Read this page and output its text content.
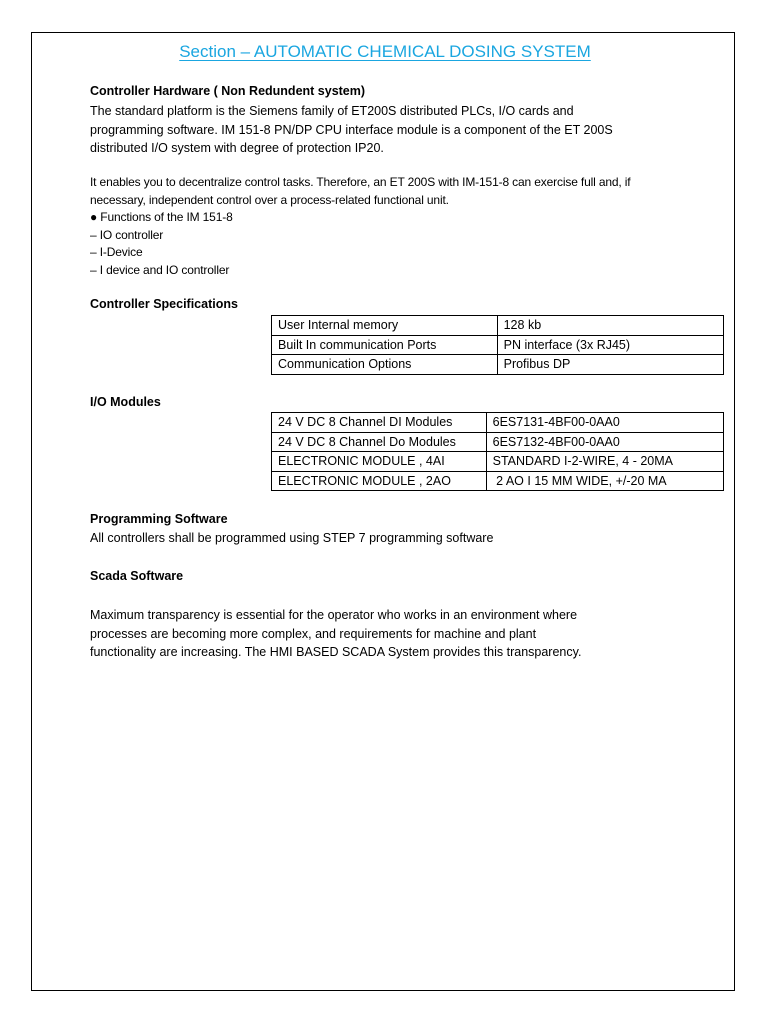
Section – AUTOMATIC CHEMICAL DOSING SYSTEM
Controller Hardware ( Non Redundent system)
The standard platform is the Siemens family of ET200S distributed PLCs, I/O cards and
programming software. IM 151-8 PN/DP CPU interface module is a component of the ET 200S
distributed I/O system with degree of protection IP20.
It enables you to decentralize control tasks. Therefore, an ET 200S with IM-151-8 can exercise full and, if
necessary, independent control over a process-related functional unit.
● Functions of the IM 151-8
– IO controller
– I-Device
– I device and IO controller
Controller Specifications
User Internal memory	128 kb
Built In communication Ports	PN interface (3x RJ45)
Communication Options	Profibus DP
I/O Modules
24 V DC 8 Channel DI Modules	6ES7131-4BF00-0AA0
24 V DC 8 Channel Do Modules	6ES7132-4BF00-0AA0
ELECTRONIC MODULE , 4AI	STANDARD I-2-WIRE, 4 - 20MA
ELECTRONIC MODULE , 2AO	2 AO I 15 MM WIDE, +/-20 MA
Programming Software
All controllers shall be programmed using STEP 7 programming software
Scada Software
Maximum transparency is essential for the operator who works in an environment where
processes are becoming more complex, and requirements for machine and plant
functionality are increasing. The HMI BASED SCADA System provides this transparency.
